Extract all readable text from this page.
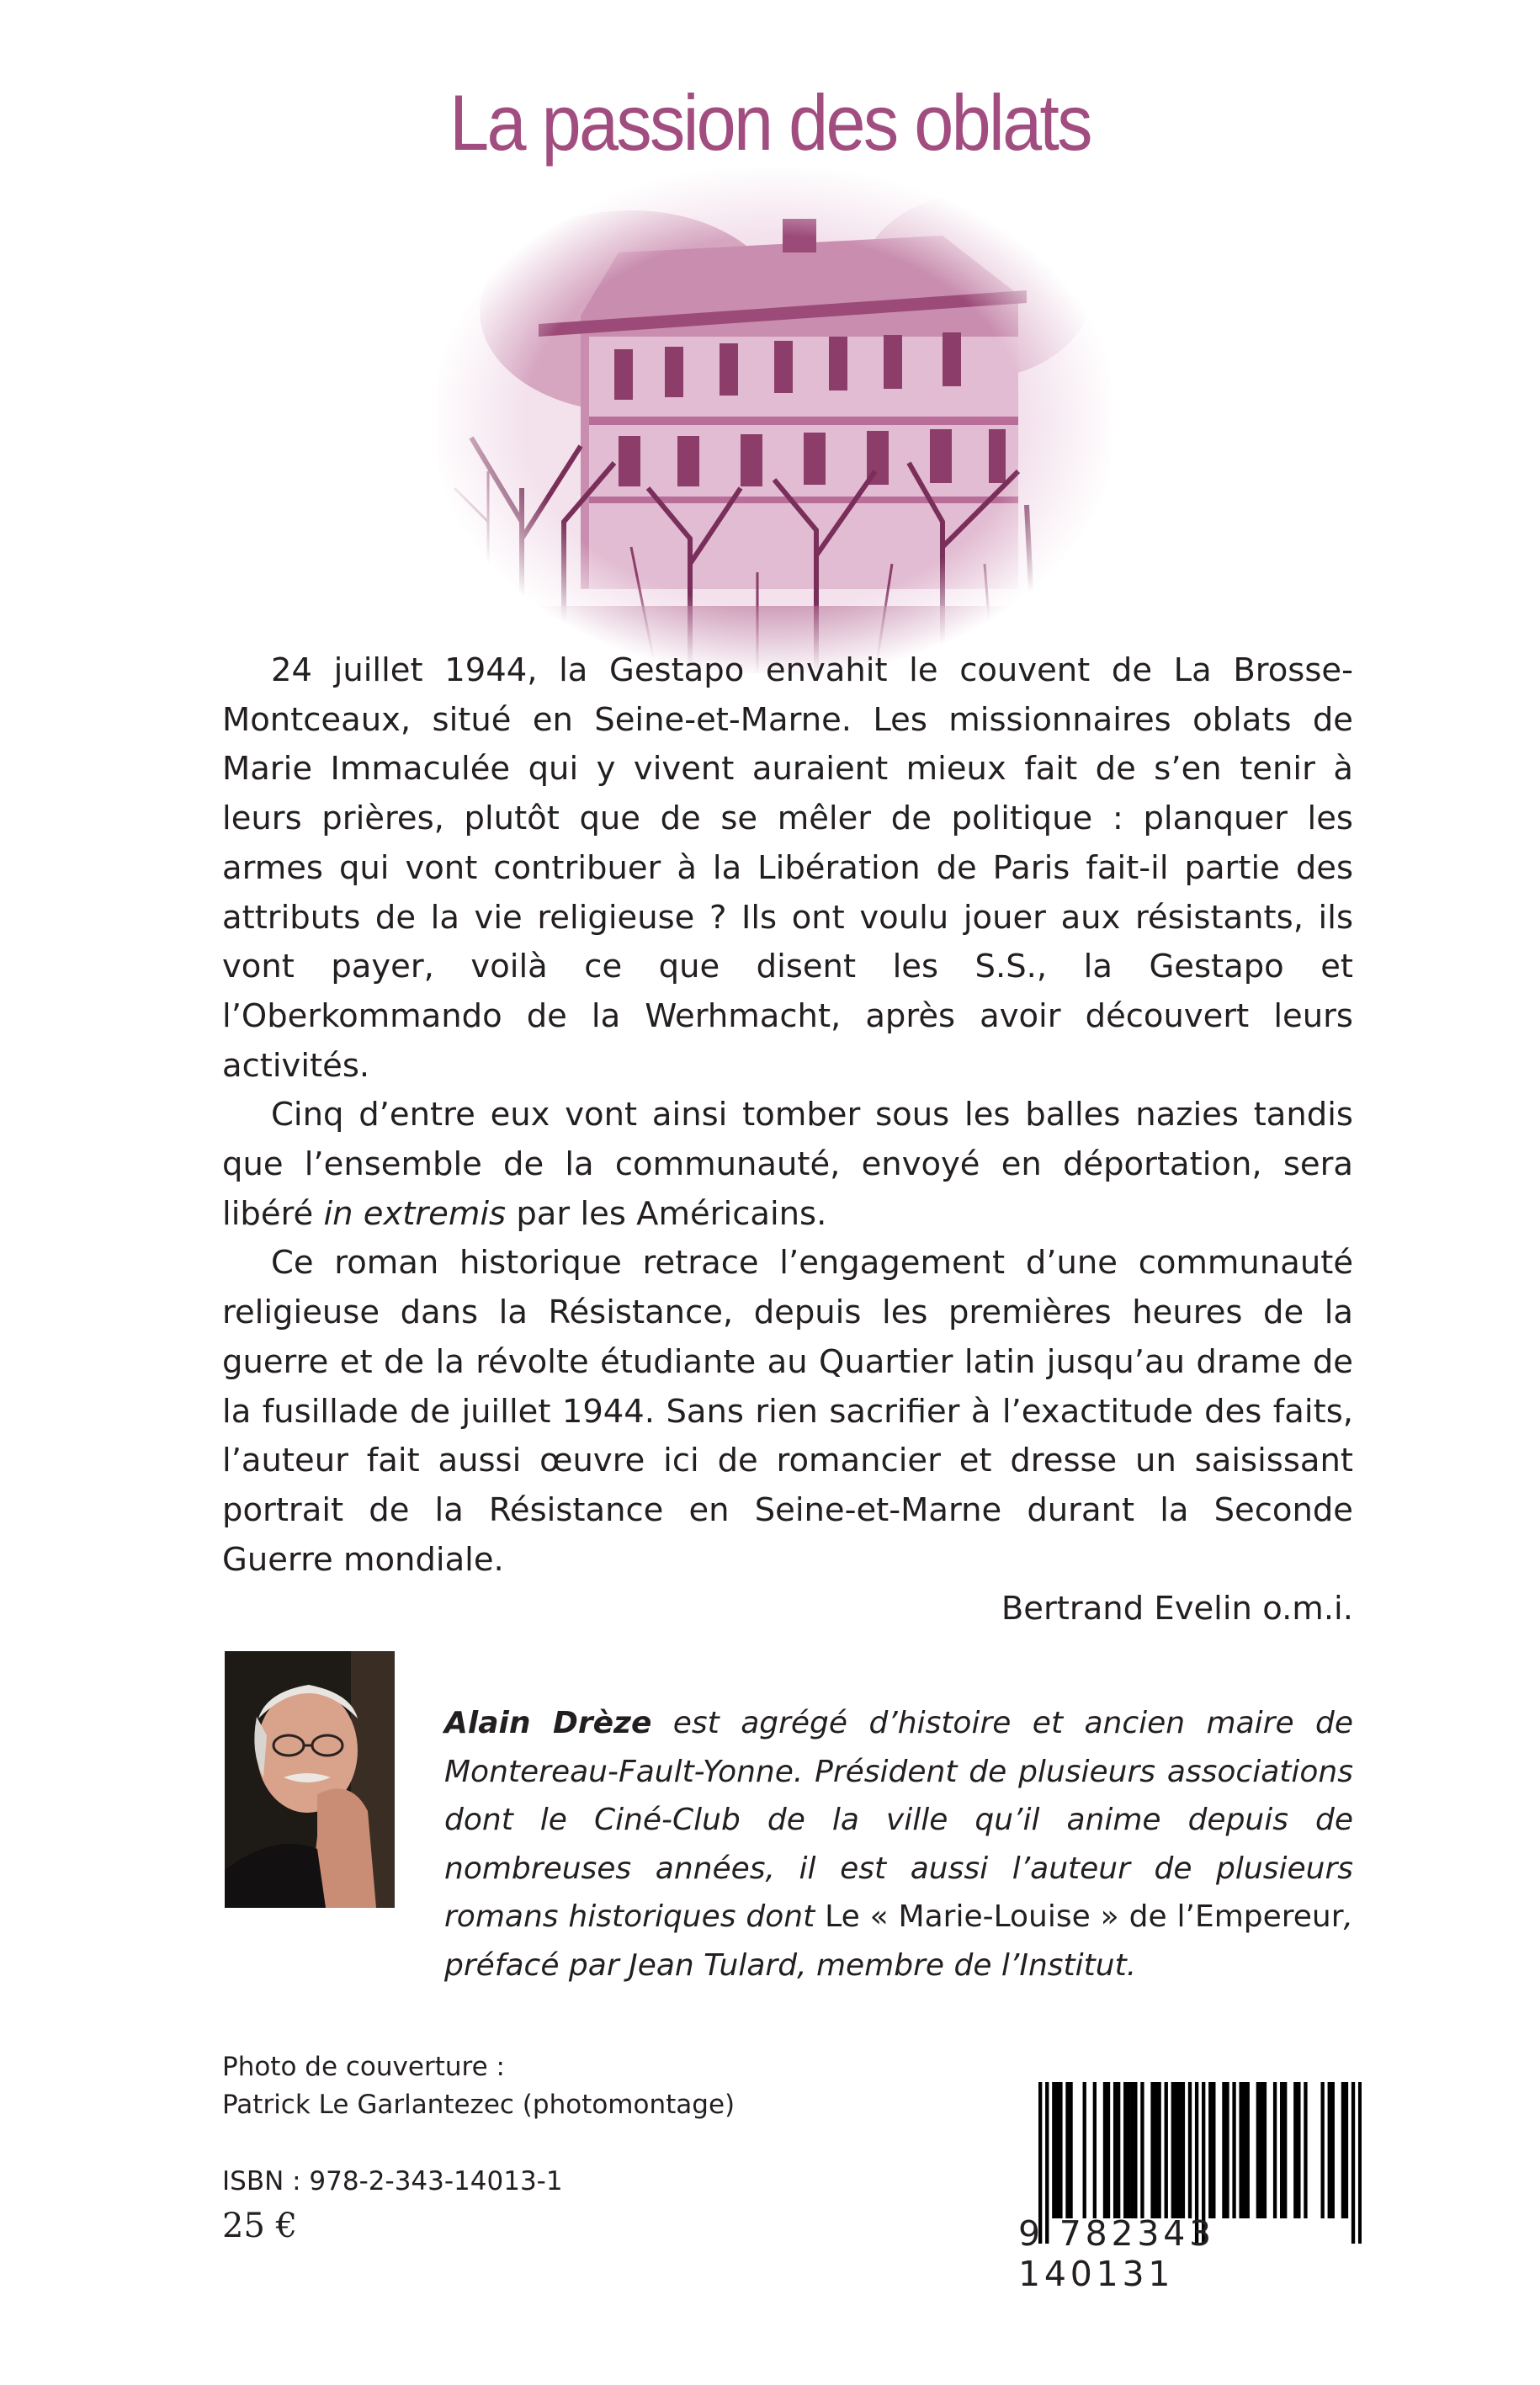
La passion des oblats

24 juillet 1944, la Gestapo envahit le couvent de La Brosse-Montceaux, situé en Seine-et-Marne. Les missionnaires oblats de Marie Immaculée qui y vivent auraient mieux fait de s’en tenir à leurs prières, plutôt que de se mêler de politique : planquer les armes qui vont contribuer à la Libération de Paris fait-il partie des attributs de la vie religieuse ? Ils ont voulu jouer aux résistants, ils vont payer, voilà ce que disent les S.S., la Gestapo et l’Oberkommando de la Werhmacht, après avoir découvert leurs activités.

Cinq d’entre eux vont ainsi tomber sous les balles nazies tandis que l’ensemble de la communauté, envoyé en déportation, sera libéré in extremis par les Américains.

Ce roman historique retrace l’engagement d’une communauté religieuse dans la Résistance, depuis les premières heures de la guerre et de la révolte étudiante au Quartier latin jusqu’au drame de la fusillade de juillet 1944. Sans rien sacrifier à l’exactitude des faits, l’auteur fait aussi œuvre ici de romancier et dresse un saisissant portrait de la Résistance en Seine-et-Marne durant la Seconde Guerre mondiale.

Bertrand Evelin o.m.i.

Alain Drèze est agrégé d’histoire et ancien maire de Montereau-Fault-Yonne. Président de plusieurs associations dont le Ciné-Club de la ville qu’il anime depuis de nombreuses années, il est aussi l’auteur de plusieurs romans historiques dont Le « Marie-Louise » de l’Empereur, préfacé par Jean Tulard, membre de l’Institut.
Photo de couverture :
Patrick Le Garlantezec (photomontage)
ISBN : 978-2-343-14013-1
25 €	9 782343 140131
